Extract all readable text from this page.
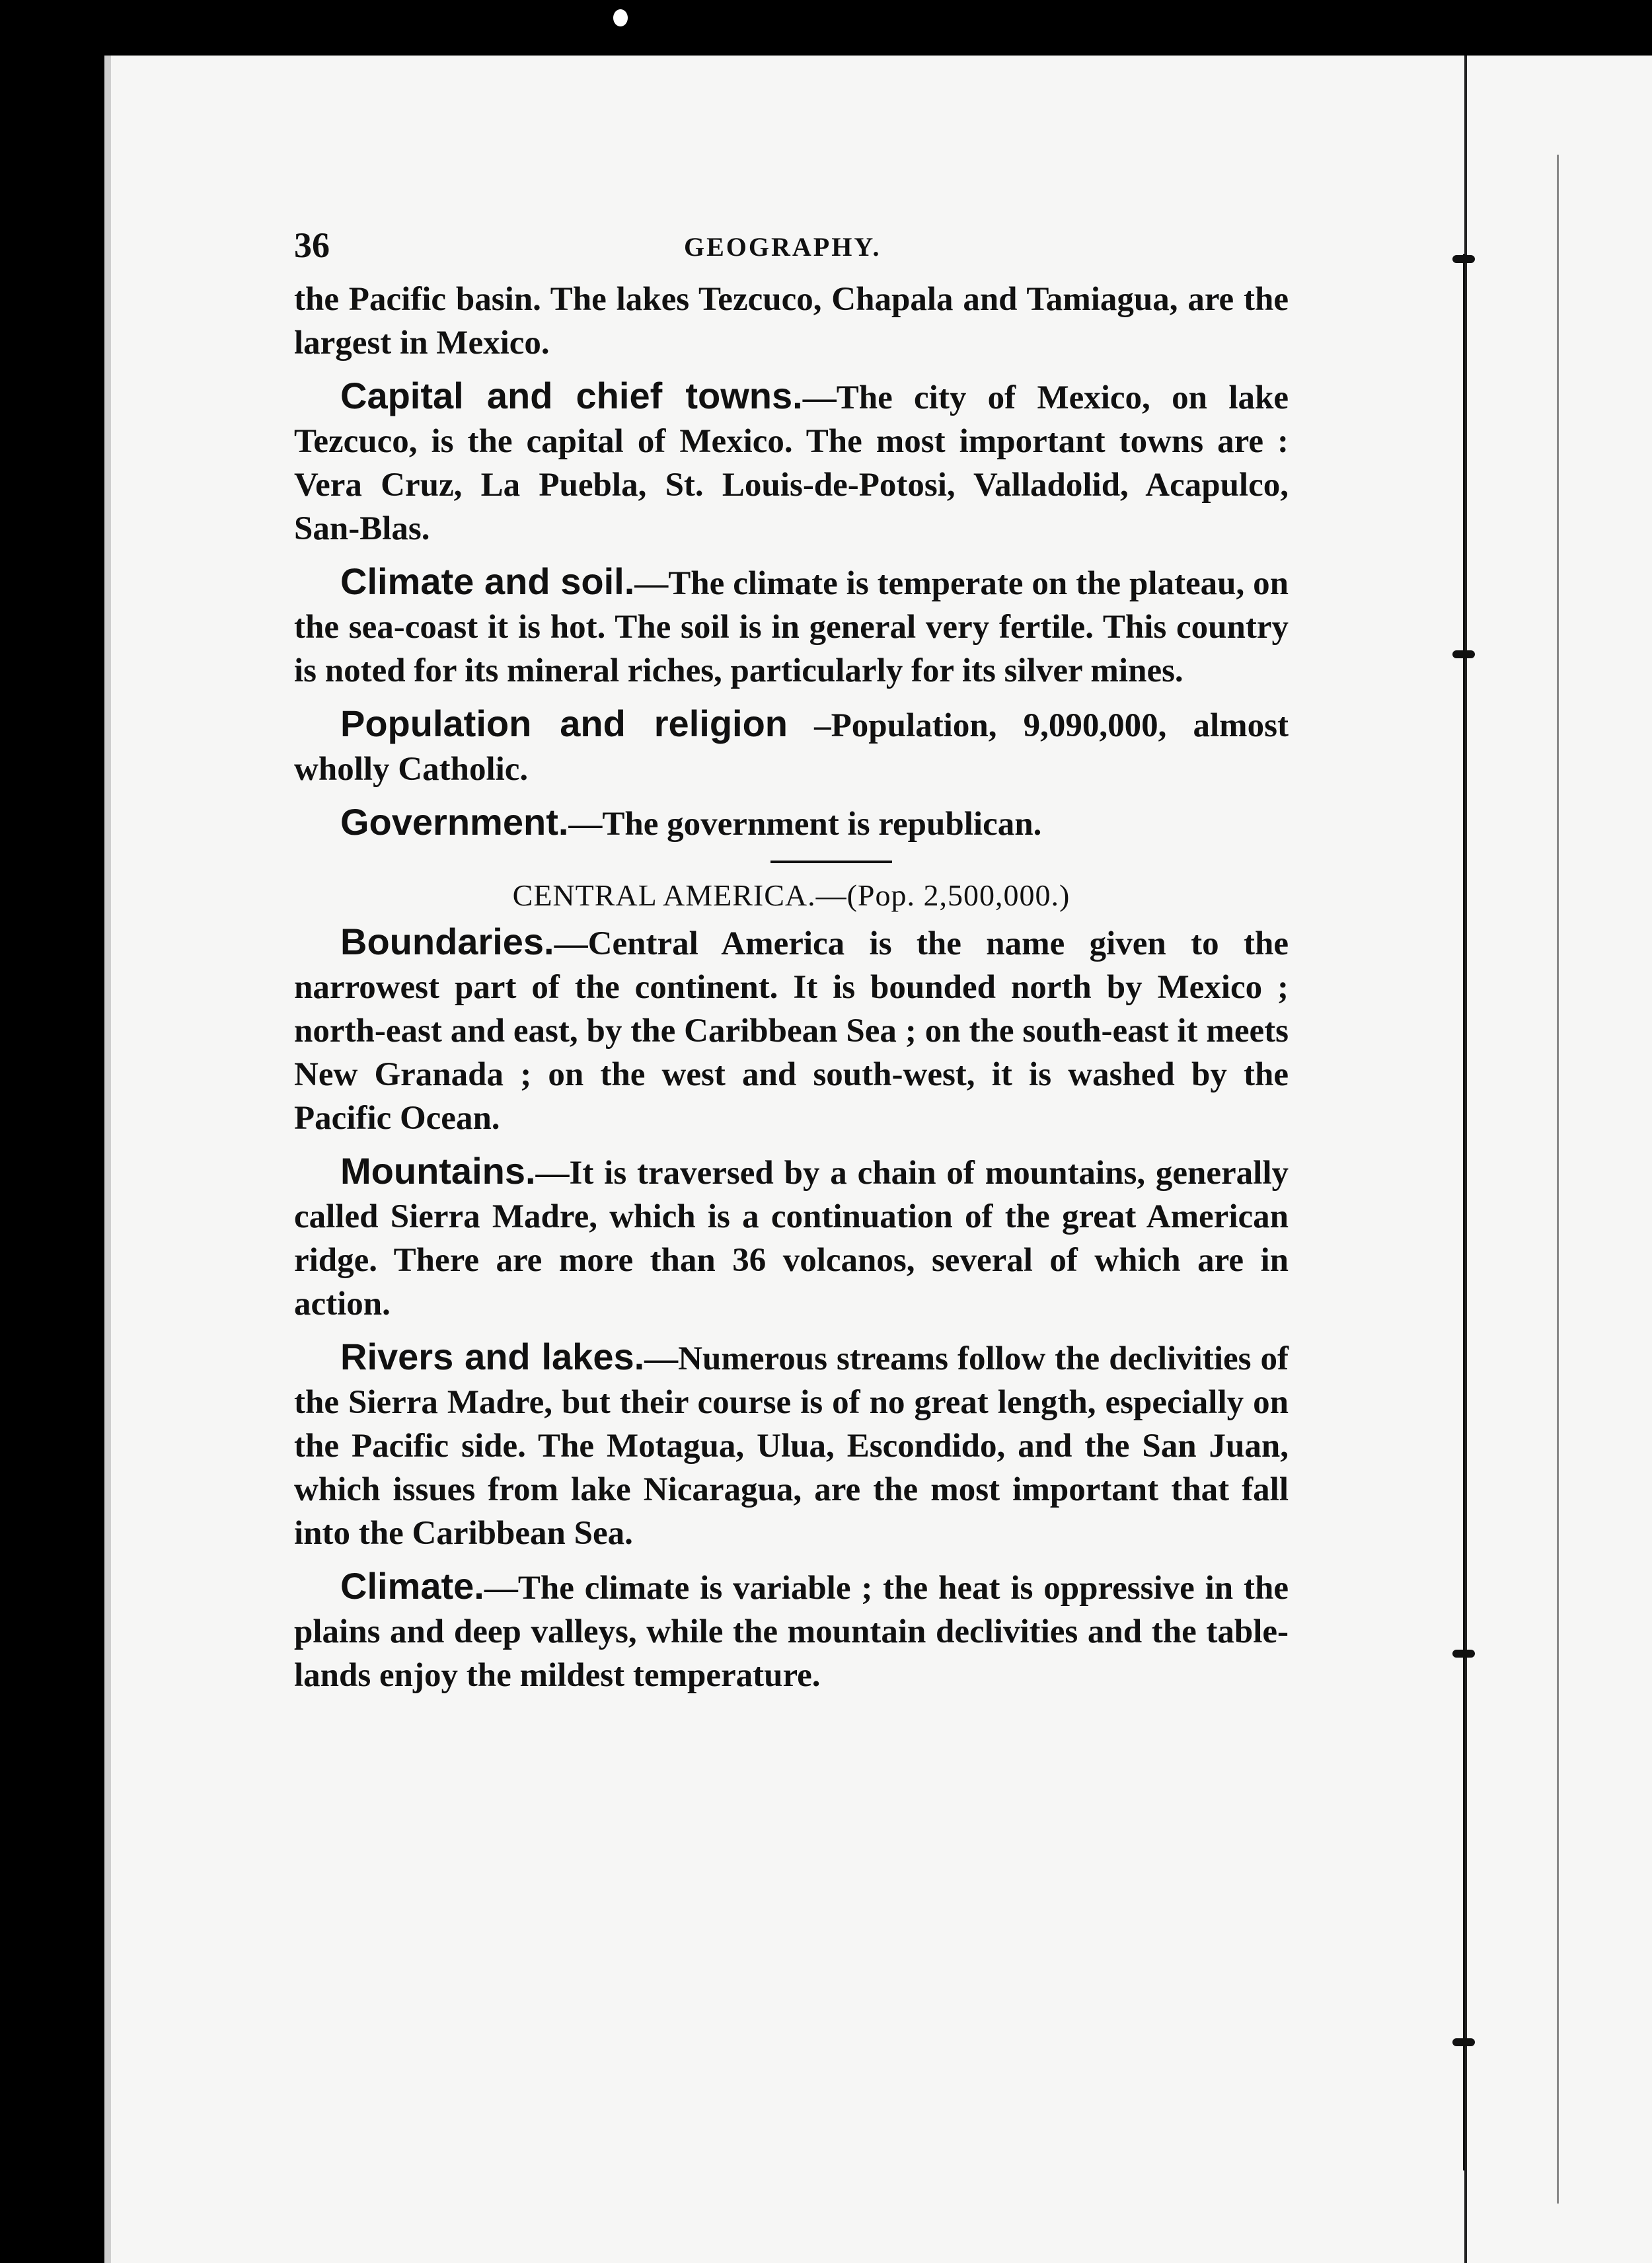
36	GEOGRAPHY.

the Pacific basin. The lakes Tezcuco, Chapala and Tamiagua, are the largest in Mexico.

Capital and chief towns.—The city of Mexico, on lake Tezcuco, is the capital of Mexico. The most important towns are : Vera Cruz, La Puebla, St. Louis-de-Potosi, Valladolid, Acapulco, San-Blas.

Climate and soil.—The climate is temperate on the plateau, on the sea-coast it is hot. The soil is in general very fertile. This country is noted for its mineral riches, particularly for its silver mines.

Population and religion –Population, 9,090,000, almost wholly Catholic.

Government.—The government is republican.

CENTRAL AMERICA.—(Pop. 2,500,000.)

Boundaries.—Central America is the name given to the narrowest part of the continent. It is bounded north by Mexico ; north-east and east, by the Caribbean Sea ; on the south-east it meets New Granada ; on the west and south-west, it is washed by the Pacific Ocean.

Mountains.—It is traversed by a chain of mountains, generally called Sierra Madre, which is a continuation of the great American ridge. There are more than 36 volcanos, several of which are in action.

Rivers and lakes.—Numerous streams follow the declivities of the Sierra Madre, but their course is of no great length, especially on the Pacific side. The Motagua, Ulua, Escondido, and the San Juan, which issues from lake Nicaragua, are the most important that fall into the Caribbean Sea.

Climate.—The climate is variable ; the heat is oppressive in the plains and deep valleys, while the mountain declivities and the table-lands enjoy the mildest temperature.
